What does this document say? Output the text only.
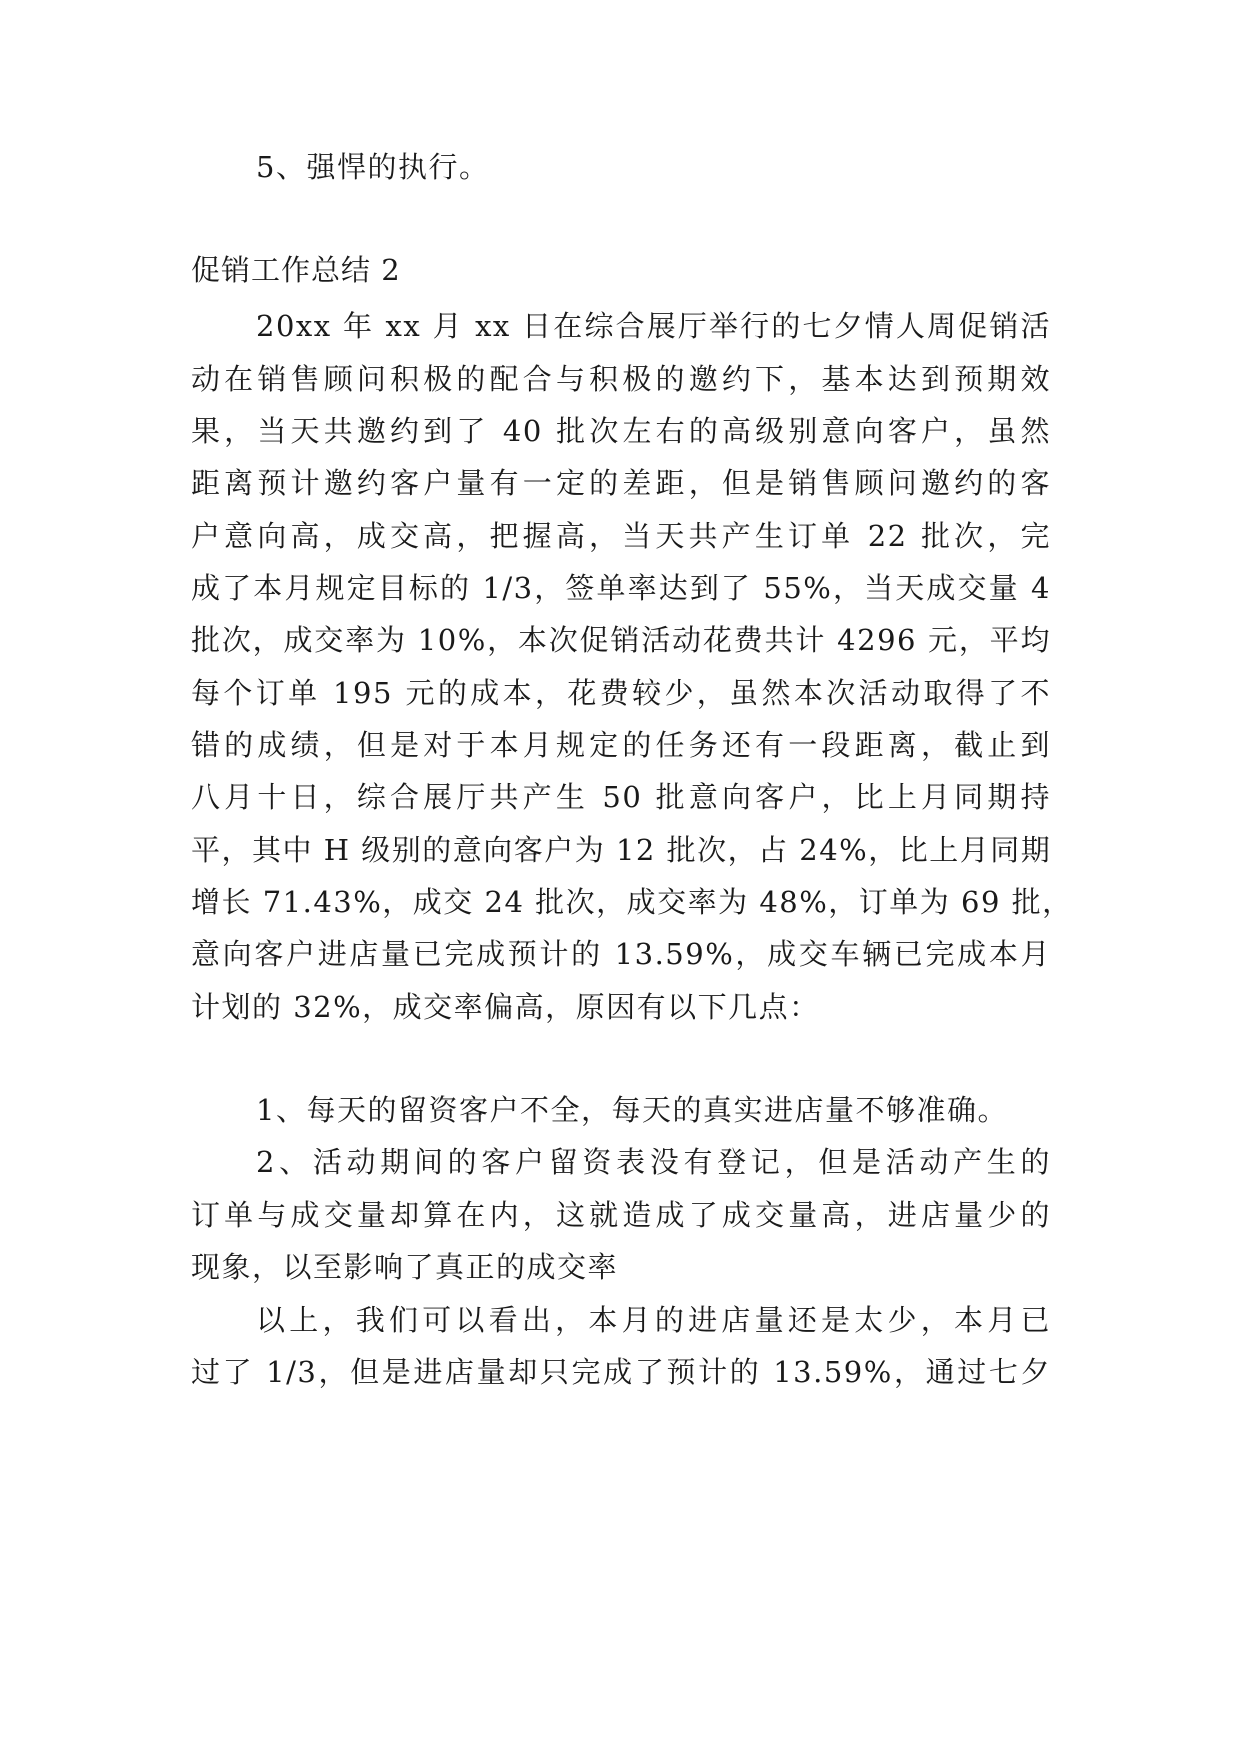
5、强悍的执行。
促销工作总结 2
20xx 年 xx 月 xx 日在综合展厅举行的七夕情人周促销活
动在销售顾问积极的配合与积极的邀约下，基本达到预期效
果，当天共邀约到了 40 批次左右的高级别意向客户，虽然
距离预计邀约客户量有一定的差距，但是销售顾问邀约的客
户意向高，成交高，把握高，当天共产生订单 22 批次，完
成了本月规定目标的 1/3，签单率达到了 55%，当天成交量 4
批次，成交率为 10%，本次促销活动花费共计 4296 元，平均
每个订单 195 元的成本，花费较少，虽然本次活动取得了不
错的成绩，但是对于本月规定的任务还有一段距离，截止到
八月十日，综合展厅共产生 50 批意向客户，比上月同期持
平，其中 H 级别的意向客户为 12 批次，占 24%，比上月同期
增长 71.43%，成交 24 批次，成交率为 48%，订单为 69 批，
意向客户进店量已完成预计的 13.59%，成交车辆已完成本月
计划的 32%，成交率偏高，原因有以下几点：
1、每天的留资客户不全，每天的真实进店量不够准确。
2、活动期间的客户留资表没有登记，但是活动产生的
订单与成交量却算在内，这就造成了成交量高，进店量少的
现象，以至影响了真正的成交率
以上，我们可以看出，本月的进店量还是太少，本月已
过了 1/3，但是进店量却只完成了预计的 13.59%，通过七夕
